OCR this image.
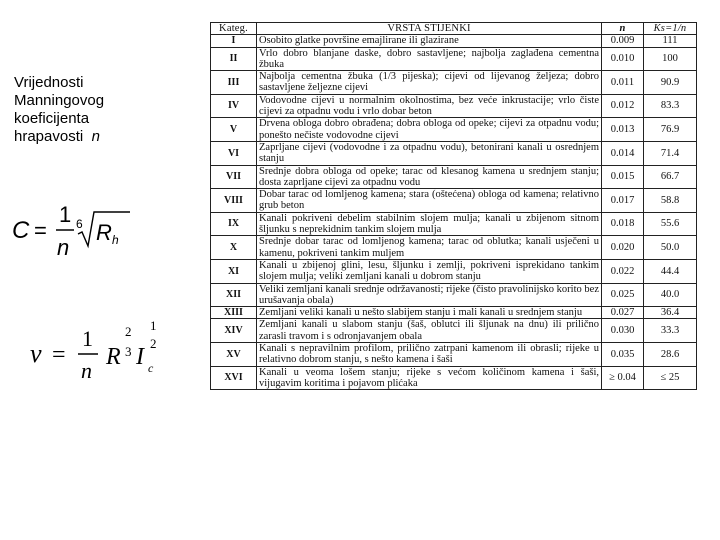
Vrijednosti
Manningovog
koeficijenta
hrapavosti n
C =
1
n
6 R h
v =
1
n
R
2
3 I c
1
2
Kateg.	VRSTA STIJENKI	n	Ks=1/n
I	Osobito glatke površine emajlirane ili glazirane	0.009	111
II	Vrlo dobro blanjane daske, dobro sastavljene; najbolja zaglađena cementna žbuka	0.010	100
III	Najbolja cementna žbuka (1/3 pijeska); cijevi od lijevanog željeza; dobro sastavljene željezne cijevi	0.011	90.9
IV	Vodovodne cijevi u normalnim okolnostima, bez veće inkrustacije; vrlo čiste cijevi za otpadnu vodu i vrlo dobar beton	0.012	83.3
V	Drvena obloga dobro obrađena; dobra obloga od opeke; cijevi za otpadnu vodu; ponešto nečiste vodovodne cijevi	0.013	76.9
VI	Zaprljane cijevi (vodovodne i za otpadnu vodu), betonirani kanali u osrednjem stanju	0.014	71.4
VII	Srednje dobra obloga od opeke; tarac od klesanog kamena u srednjem stanju; dosta zaprljane cijevi za otpadnu vodu	0.015	66.7
VIII	Dobar tarac od lomljenog kamena; stara (oštećena) obloga od kamena; relativno grub beton	0.017	58.8
IX	Kanali pokriveni debelim stabilnim slojem mulja; kanali u zbijenom sitnom šljunku s neprekidnim tankim slojem mulja	0.018	55.6
X	Srednje dobar tarac od lomljenog kamena; tarac od oblutka; kanali usječeni u kamenu, pokriveni tankim muljem	0.020	50.0
XI	Kanali u zbijenoj glini, lesu, šljunku i zemlji, pokriveni isprekidano tankim slojem mulja; veliki zemljani kanali u dobrom stanju	0.022	44.4
XII	Veliki zemljani kanali srednje održavanosti; rijeke (čisto pravolinijsko korito bez urušavanja obala)	0.025	40.0
XIII	Zemljani veliki kanali u nešto slabijem stanju i mali kanali u srednjem stanju	0.027	36.4
XIV	Zemljani kanali u slabom stanju (šaš, oblutci ili šljunak na dnu) ili prilično zarasli travom i s odronjavanjem obala	0.030	33.3
XV	Kanali s nepravilnim profilom, prilično zatrpani kamenom ili obrasli; rijeke u relativno dobrom stanju, s nešto kamena i šaši	0.035	28.6
XVI	Kanali u veoma lošem stanju; rijeke s većom količinom kamena i šaši, vijugavim koritima i pojavom plićaka	≥ 0.04	≤ 25
